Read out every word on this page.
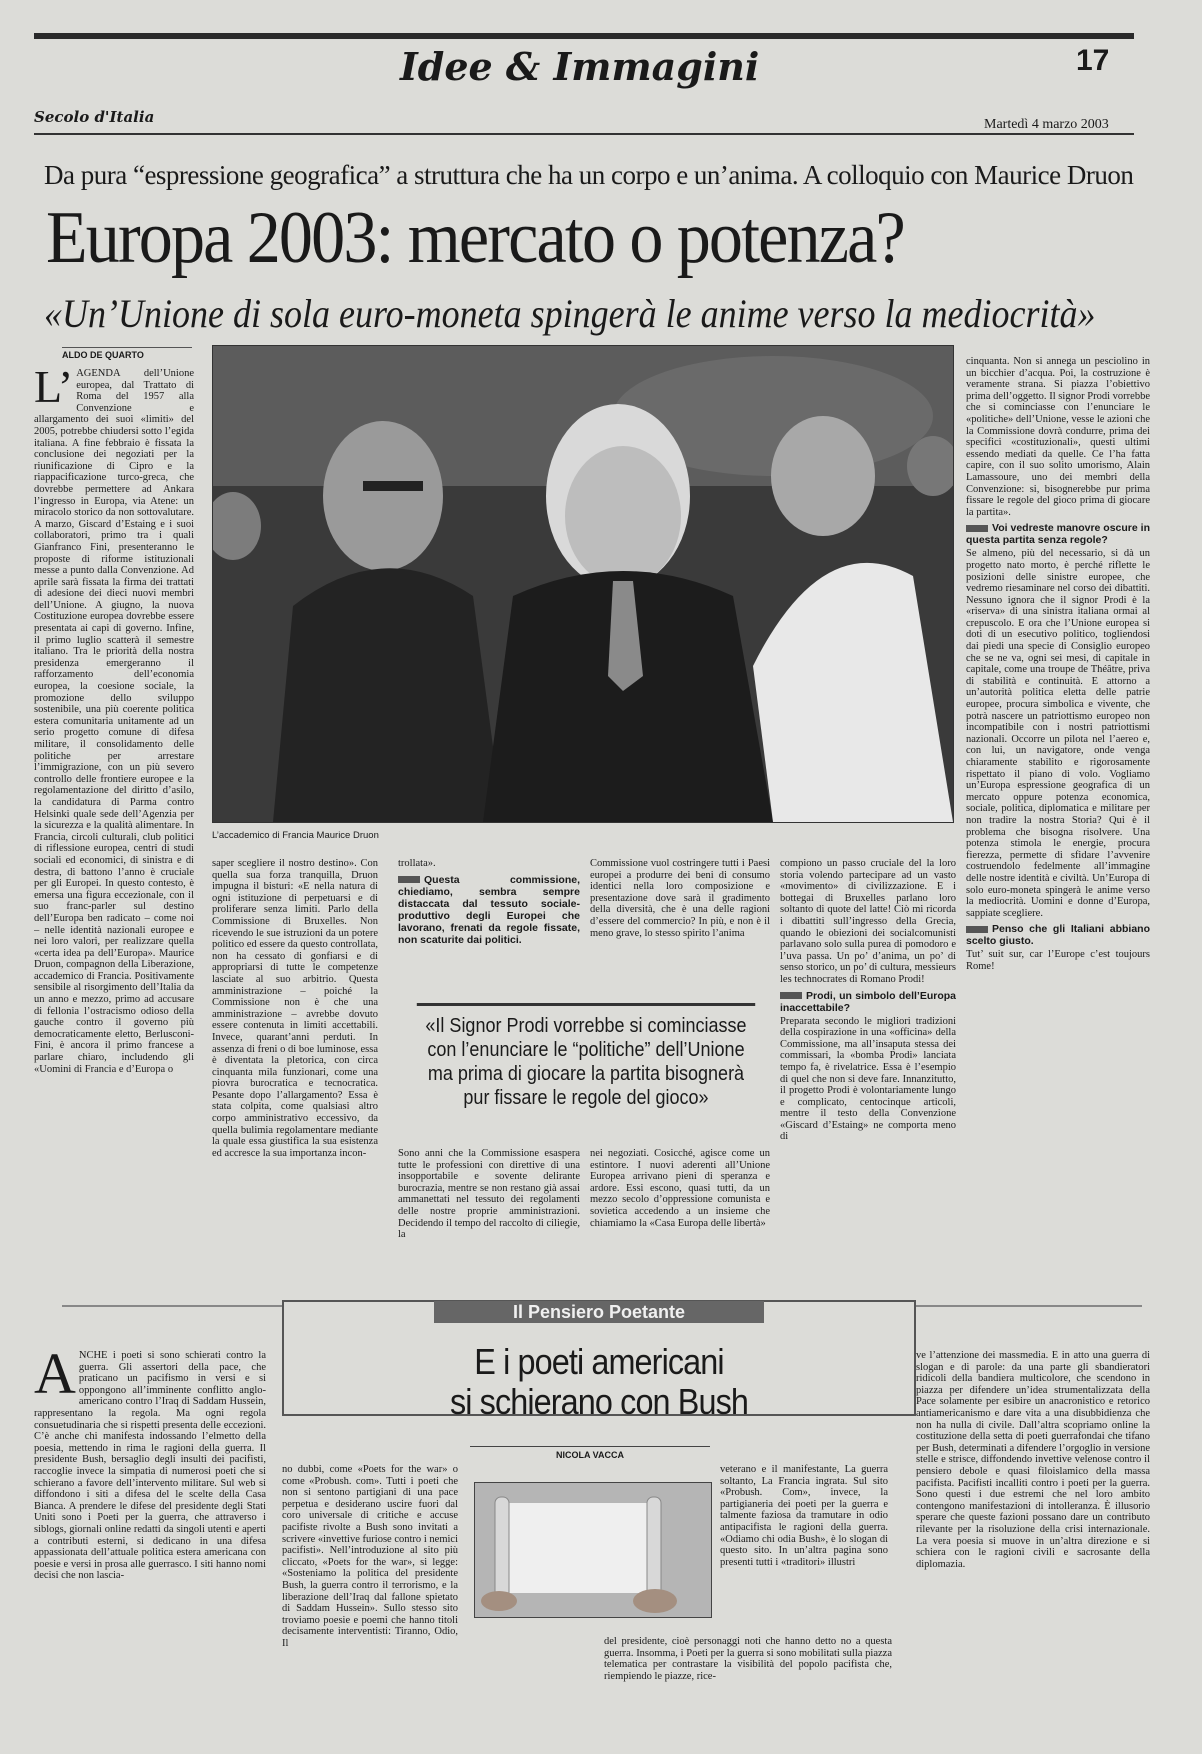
Idee & Immagini	17
Secolo d'Italia	Martedì 4 marzo 2003
Da pura “espressione geografica” a struttura che ha un corpo e un’anima. A colloquio con Maurice Druon
Europa 2003: mercato o potenza?
«Un’Unione di sola euro-moneta spingerà le anime verso la mediocrità»
ALDO DE QUARTO
L’accademico di Francia Maurice Druon
L’ AGENDA dell’Unione europea, dal Trattato di Roma del 1957 alla Convenzione e allargamento dei suoi «limiti» del 2005, potrebbe chiudersi sotto l’egida italiana. A fine febbraio è fissata la conclusione dei negoziati per la riunificazione di Cipro e la riappacificazione turco-greca, che dovrebbe permettere ad Ankara l’ingresso in Europa, via Atene: un miracolo storico da non sottovalutare. A marzo, Giscard d’Estaing e i suoi collaboratori, primo tra i quali Gianfranco Fini, presenteranno le proposte di riforme istituzionali messe a punto dalla Convenzione. Ad aprile sarà fissata la firma dei trattati di adesione dei dieci nuovi membri dell’Unione. A giugno, la nuova Costituzione europea dovrebbe essere presentata ai capi di governo. Infine, il primo luglio scatterà il semestre italiano. Tra le priorità della nostra presidenza emergeranno il rafforzamento dell’economia europea, la coesione sociale, la promozione dello sviluppo sostenibile, una più coerente politica estera comunitaria unitamente ad un serio progetto comune di difesa militare, il consolidamento delle politiche per arrestare l’immigrazione, con un più severo controllo delle frontiere europee e la regolamentazione del diritto d’asilo, la candidatura di Parma contro Helsinki quale sede dell’Agenzia per la sicurezza e la qualità alimentare. In Francia, circoli culturali, club politici di riflessione europea, centri di studi sociali ed economici, di sinistra e di destra, di battono l’anno è cruciale per gli Europei. In questo contesto, è emersa una figura eccezionale, con il suo franc-parler sul destino dell’Europa ben radicato – come noi – nelle identità nazionali europee e nei loro valori, per realizzare quella «certa idea pa dell’Europa». Maurice Druon, compagnon della Liberazione, accademico di Francia. Positivamente sensibile al risorgimento dell’Italia da un anno e mezzo, primo ad accusare di fellonia l’ostracismo odioso della gauche contro il governo più democraticamente eletto, Berlusconi-Fini, è ancora il primo francese a parlare chiaro, includendo gli «Uomini di Francia e d’Europa o
saper scegliere il nostro destino». Con quella sua forza tranquilla, Druon impugna il bisturi: «E nella natura di ogni istituzione di perpetuarsi e di proliferare senza limiti. Parlo della Commissione di Bruxelles. Non ricevendo le sue istruzioni da un potere politico ed essere da questo controllata, non ha cessato di gonfiarsi e di appropriarsi di tutte le competenze lasciate al suo arbitrio. Questa amministrazione – poiché la Commissione non è che una amministrazione – avrebbe dovuto essere contenuta in limiti accettabili. Invece, quarant’anni perduti. In assenza di freni o di boe luminose, essa è diventata la pletorica, con circa cinquanta mila funzionari, come una piovra burocratica e tecnocratica. Pesante dopo l’allargamento? Essa è stata colpita, come qualsiasi altro corpo amministrativo eccessivo, da quella bulimia regolamentare mediante la quale essa giustifica la sua esistenza ed accresce la sua importanza incon-
trollata».
Questa commissione, chiediamo, sembra sempre distaccata dal tessuto sociale-produttivo degli Europei che lavorano, frenati da regole fissate, non scaturite dai politici.
Commissione vuol costringere tutti i Paesi europei a produrre dei beni di consumo identici nella loro composizione e presentazione dove sarà il gradimento della diversità, che è una delle ragioni d’essere del commercio? In più, e non è il meno grave, lo stesso spirito l’anima
«Il Signor Prodi vorrebbe si cominciasse con l’enunciare le “politiche” dell’Unione ma prima di giocare la partita bisognerà pur fissare le regole del gioco»
Sono anni che la Commissione esaspera tutte le professioni con direttive di una insopportabile e sovente delirante burocrazia, mentre se non restano già assai ammanettati nel tessuto dei regolamenti delle nostre proprie amministrazioni. Decidendo il tempo del raccolto di ciliegie, la
nei negoziati. Cosicché, agisce come un estintore. I nuovi aderenti all’Unione Europea arrivano pieni di speranza e ardore. Essi escono, quasi tutti, da un mezzo secolo d’oppressione comunista e sovietica accedendo a un insieme che chiamiamo la «Casa Europa delle libertà»
compiono un passo cruciale del la loro storia volendo partecipare ad un vasto «movimento» di civilizzazione. E i bottegai di Bruxelles parlano loro soltanto di quote del latte! Ciò mi ricorda i dibattiti sull’ingresso della Grecia, quando le obiezioni dei socialcomunisti parlavano solo sulla purea di pomodoro e l’uva passa. Un po’ d’anima, un po’ di senso storico, un po’ di cultura, messieurs les technocrates di Romano Prodi!
Prodi, un simbolo dell’Europa inaccettabile?
Preparata secondo le migliori tradizioni della cospirazione in una «officina» della Commissione, ma all’insaputa stessa dei commissari, la «bomba Prodi» lanciata tempo fa, è rivelatrice. Essa è l’esempio di quel che non si deve fare. Innanzitutto, il progetto Prodi è volontariamente lungo e complicato, centocinque articoli, mentre il testo della Convenzione «Giscard d’Estaing» ne comporta meno di
cinquanta. Non si annega un pesciolino in un bicchier d’acqua. Poi, la costruzione è veramente strana. Si piazza l’obiettivo prima dell’oggetto. Il signor Prodi vorrebbe che si cominciasse con l’enunciare le «politiche» dell’Unione, vesse le azioni che la Commissione dovrà condurre, prima dei specifici «costituzionali», questi ultimi essendo mediati da quelle. Ce l’ha fatta capire, con il suo solito umorismo, Alain Lamassoure, uno dei membri della Convenzione: si, bisognerebbe pur prima fissare le regole del gioco prima di giocare la partita».
Voi vedreste manovre oscure in questa partita senza regole?
Se almeno, più del necessario, si dà un progetto nato morto, è perché riflette le posizioni delle sinistre europee, che vedremo riesaminare nel corso dei dibattiti. Nessuno ignora che il signor Prodi è la «riserva» di una sinistra italiana ormai al crepuscolo. E ora che l’Unione europea si doti di un esecutivo politico, togliendosi dai piedi una specie di Consiglio europeo che se ne va, ogni sei mesi, di capitale in capitale, come una troupe de Théâtre, priva di stabilità e continuità. E attorno a un’autorità politica eletta delle patrie europee, procura simbolica e vivente, che potrà nascere un patriottismo europeo non incompatibile con i nostri patriottismi nazionali. Occorre un pilota nel l’aereo e, con lui, un navigatore, onde venga chiaramente stabilito e rigorosamente rispettato il piano di volo. Vogliamo un’Europa espressione geografica di un mercato oppure potenza economica, sociale, politica, diplomatica e militare per non tradire la nostra Storia? Qui è il problema che bisogna risolvere. Una potenza stimola le energie, procura fierezza, permette di sfidare l’avvenire costruendolo fedelmente all’immagine delle nostre identità e civiltà. Un’Europa di solo euro-moneta spingerà le anime verso la mediocrità. Uomini e donne d’Europa, sappiate scegliere.
Penso che gli Italiani abbiano scelto giusto.
Tut’ suit sur, car l’Europe c’est toujours Rome!
Il Pensiero Poetante
E i poeti americani
si schierano con Bush
NICOLA VACCA
A NCHE i poeti si sono schierati contro la guerra. Gli assertori della pace, che praticano un pacifismo in versi e si oppongono all’imminente conflitto anglo-americano contro l’Iraq di Saddam Hussein, rappresentano la regola. Ma ogni regola consuetudinaria che si rispetti presenta delle eccezioni. C’è anche chi manifesta indossando l’elmetto della poesia, mettendo in rima le ragioni della guerra. Il presidente Bush, bersaglio degli insulti dei pacifisti, raccoglie invece la simpatia di numerosi poeti che si schierano a favore dell’intervento militare. Sul web si diffondono i siti a difesa del le scelte della Casa Bianca. A prendere le difese del presidente degli Stati Uniti sono i Poeti per la guerra, che attraverso i siblogs, giornali online redatti da singoli utenti e aperti a contributi esterni, si dedicano in una difesa appassionata dell’attuale politica estera americana con poesie e versi in prosa alle guerrasco. I siti hanno nomi decisi che non lascia-
no dubbi, come «Poets for the war» o come «Probush. com». Tutti i poeti che non si sentono partigiani di una pace perpetua e desiderano uscire fuori dal coro universale di critiche e accuse pacifiste rivolte a Bush sono invitati a scrivere «invettive furiose contro i nemici pacifisti». Nell’introduzione al sito più cliccato, «Poets for the war», si legge: «Sosteniamo la politica del presidente Bush, la guerra contro il terrorismo, e la liberazione dell’Iraq dal fallone spietato di Saddam Hussein». Sullo stesso sito troviamo poesie e poemi che hanno titoli decisamente interventisti: Tiranno, Odio, Il
veterano e il manifestante, La guerra soltanto, La Francia ingrata. Sul sito «Probush. Com», invece, la partigianeria dei poeti per la guerra e talmente faziosa da tramutare in odio antipacifista le ragioni della guerra. «Odiamo chi odia Bush», è lo slogan di questo sito. In un’altra pagina sono presenti tutti i «traditori» illustri
del presidente, cioè personaggi noti che hanno detto no a questa guerra. Insomma, i Poeti per la guerra si sono mobilitati sulla piazza telematica per contrastare la visibilità del popolo pacifista che, riempiendo le piazze, rice-
ve l’attenzione dei massmedia. E in atto una guerra di slogan e di parole: da una parte gli sbandieratori ridicoli della bandiera multicolore, che scendono in piazza per difendere un’idea strumentalizzata della Pace solamente per esibire un anacronistico e retorico antiamericanismo e dare vita a una disubbidienza che non ha nulla di civile. Dall’altra scopriamo online la costituzione della setta di poeti guerrafondai che tifano per Bush, determinati a difendere l’orgoglio in versione stelle e strisce, diffondendo invettive velenose contro il pensiero debole e quasi filoislamico della massa pacifista. Pacifisti incalliti contro i poeti per la guerra. Sono questi i due estremi che nel loro ambito contengono manifestazioni di intolleranza. È illusorio sperare che queste fazioni possano dare un contributo rilevante per la risoluzione della crisi internazionale. La vera poesia si muove in un’altra direzione e si schiera con le ragioni civili e sacrosante della diplomazia.
